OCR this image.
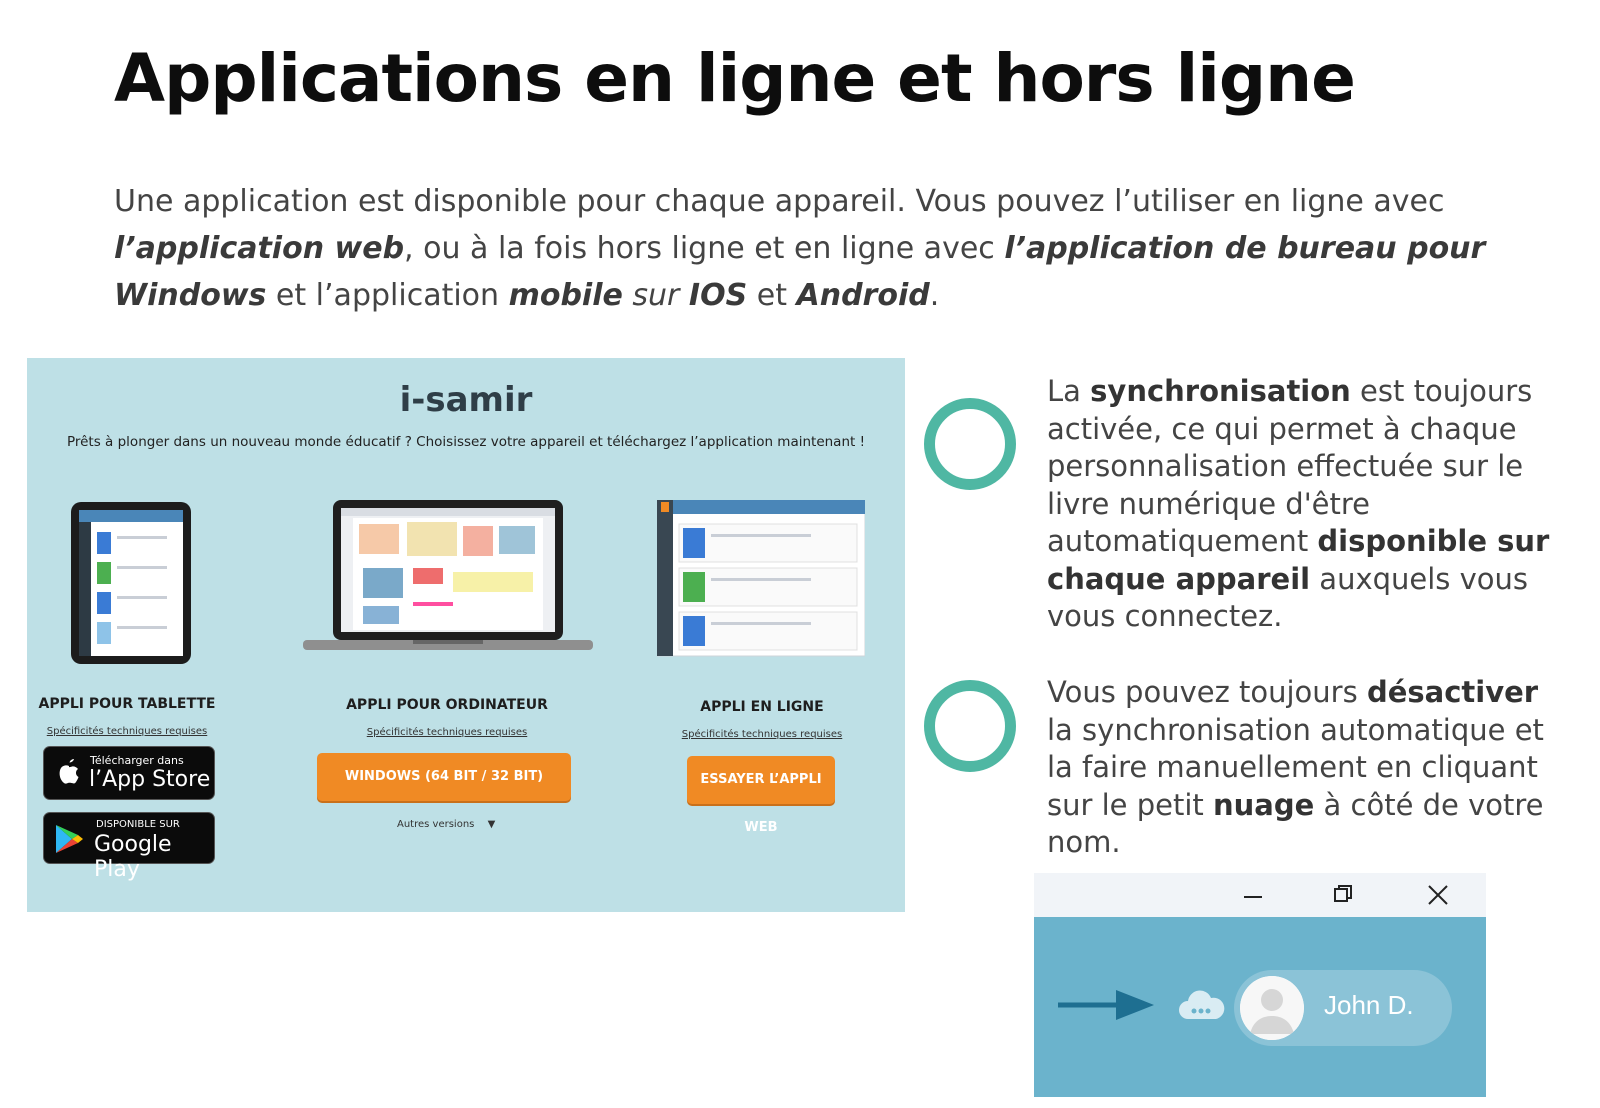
Applications en ligne et hors ligne

Une application est disponible pour chaque appareil. Vous pouvez l’utiliser en ligne avec l’application web, ou à la fois hors ligne et en ligne avec l’application de bureau pour Windows et l’application mobile sur IOS et Android.

i-samir
Prêts à plonger dans un nouveau monde éducatif ? Choisissez votre appareil et téléchargez l’application maintenant !
APPLI POUR TABLETTE
Spécificités techniques requises
APPLI POUR ORDINATEUR
Spécificités techniques requises
APPLI EN LIGNE
Spécificités techniques requises
Télécharger dans
l’App Store
DISPONIBLE SUR
Google Play
WINDOWS (64 BIT / 32 BIT)
Autres versions ▼
ESSAYER L’APPLI WEB

La synchronisation est toujours activée, ce qui permet à chaque personnalisation effectuée sur le livre numérique d'être automatiquement disponible sur chaque appareil auxquels vous vous connectez.

Vous pouvez toujours désactiver la synchronisation automatique et la faire manuellement en cliquant sur le petit nuage à côté de votre nom.

John D.
